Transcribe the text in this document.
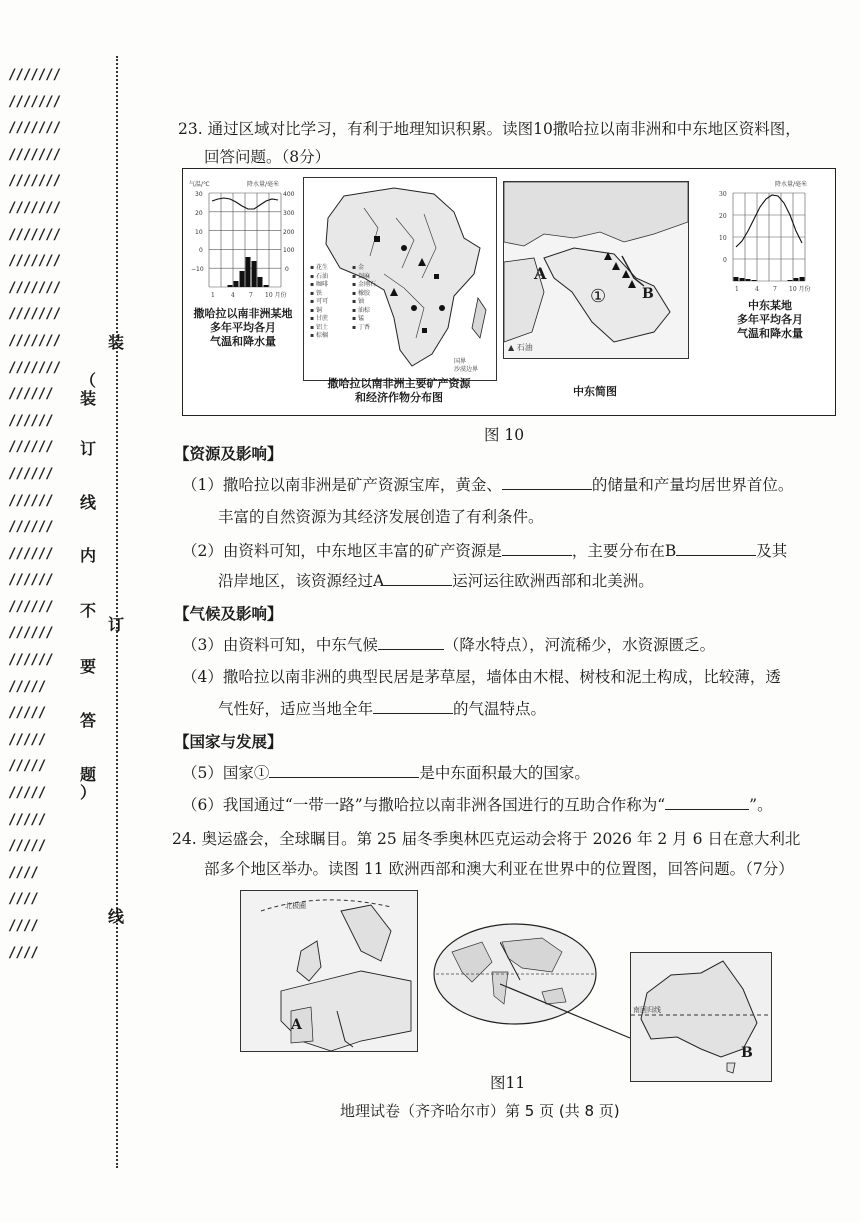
///////
///////
///////
///////
///////
///////
///////
///////
///////
///////
///////
///////
//////
//////
//////
//////
//////
//////
//////
//////
//////
//////
//////
/////
/////
/////
/////
/////
/////
/////
////
////
////
////
装
（
装
订
线
内
不
要
答
题
）
订
线
23. 通过区域对比学习，有利于地理知识积累。读图10撒哈拉以南非洲和中东地区资料图，
回答问题。（8分）
气温/℃	降水量/毫米
30
20
10
0
−10
400
300
200
100
0
1	4 7 10 月份
撒哈拉以南非洲某地
多年平均各月
气温和降水量
▪ 花生
▪ 石油
▪ 咖啡
▪ 铁
▪ 可可
▪ 铜
▪ 甘蔗
▪ 铝土
▪ 棕榈
▪ 金
▪ 剑麻
▪ 金刚石
▪ 橡胶
▪ 铀
▪ 油棕
▪ 锰
▪ 丁香
国界
沙漠边界
撒哈拉以南非洲主要矿产资源
和经济作物分布图
A
B
①
▲ 石油
中东简图
降水量/毫米
30
20
10
0
1	4 7 10 月份
中东某地
多年平均各月
气温和降水量
图 10
【资源及影响】
（1）撒哈拉以南非洲是矿产资源宝库，黄金、	的储量和产量均居世界首位。
丰富的自然资源为其经济发展创造了有利条件。
（2）由资料可知，中东地区丰富的矿产资源是	，主要分布在B	及其
沿岸地区，该资源经过A	运河运往欧洲西部和北美洲。
【气候及影响】
（3）由资料可知，中东气候	（降水特点），河流稀少，水资源匮乏。
（4）撒哈拉以南非洲的典型民居是茅草屋，墙体由木棍、树枝和泥土构成，比较薄，透
气性好，适应当地全年	的气温特点。
【国家与发展】
（5）国家①	是中东面积最大的国家。
（6）我国通过“一带一路”与撒哈拉以南非洲各国进行的互助合作称为“	”。
24. 奥运盛会，全球瞩目。第 25 届冬季奥林匹克运动会将于 2026 年 2 月 6 日在意大利北
部多个地区举办。读图 11 欧洲西部和澳大利亚在世界中的位置图，回答问题。（7分）
A
北极圈
南回归线
B
图11
地理试卷（齐齐哈尔市）第 5 页 (共 8 页)
